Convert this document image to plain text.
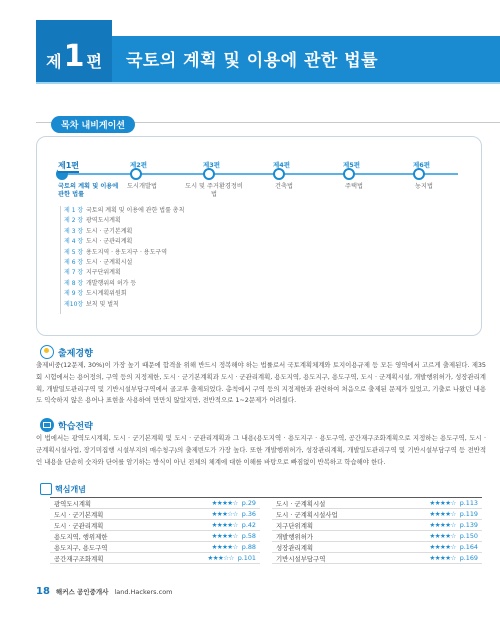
제 1 편 국토의 계획 및 이용에 관한 법률
목차 내비게이션
제1편
국토의 계획 및 이용에 관한 법률
제2편
도시개발법
제3편
도시 및 주거환경정비법
제4편
건축법
제5편
주택법
제6편
농지법
제 1 장 국토의 계획 및 이용에 관한 법률 총칙
제 2 장 광역도시계획
제 3 장 도시 · 군기본계획
제 4 장 도시 · 군관리계획
제 5 장 용도지역 · 용도지구 · 용도구역
제 6 장 도시 · 군계획시설
제 7 장 지구단위계획
제 8 장 개발행위의 허가 등
제 9 장 도시계획위원회
제10장 보칙 및 벌칙
출제경향
출제비중(12문제, 30%)이 가장 높기 때문에 합격을 위해 반드시 정복해야 하는 법률로서 국토계획체계와 토지이용규제 등 모든 영역에서 고르게 출제된다. 제35회 시험에서는 용어정의, 구역 등의 지정제한, 도시 · 군기본계획과 도시 · 군관리계획, 용도지역, 용도지구, 용도구역, 도시 · 군계획시설, 개발행위허가, 성장관리계획, 개발밀도관리구역 및 기반시설부담구역에서 골고루 출제되었다. 총칙에서 구역 등의 지정제한과 관련하여 처음으로 출제된 문제가 있었고, 기출로 나왔던 내용도 익숙하지 않은 용어나 표현을 사용하여 만만치 않았지만, 전반적으로 1~2문제가 어려웠다.
학습전략
이 법에서는 광역도시계획, 도시 · 군기본계획 및 도시 · 군관리계획과 그 내용(용도지역 · 용도지구 · 용도구역, 공간재구조화계획으로 지정하는 용도구역, 도시 · 군계획시설사업, 장기미집행 시설부지의 매수청구)의 출제빈도가 가장 높다. 또한 개발행위허가, 성장관리계획, 개발밀도관리구역 및 기반시설부담구역 등 전반적인 내용을 단순히 숫자와 단어를 암기하는 방식이 아닌 전체의 체계에 대한 이해를 바탕으로 빠짐없이 반복하고 학습해야 한다.
핵심개념
광역도시계획	★★★★☆ p.29
도시 · 군기본계획	★★★☆☆ p.36
도시 · 군관리계획	★★★★☆ p.42
용도지역, 행위제한	★★★★☆ p.58
용도지구, 용도구역	★★★★☆ p.88
공간재구조화계획	★★★☆☆ p.101
도시 · 군계획시설	★★★★☆ p.113
도시 · 군계획시설사업	★★★★☆ p.119
지구단위계획	★★★★☆ p.139
개발행위허가	★★★★☆ p.150
성장관리계획	★★★★☆ p.164
기반시설부담구역	★★★★☆ p.169
18 해커스 공인중개사 land.Hackers.com
